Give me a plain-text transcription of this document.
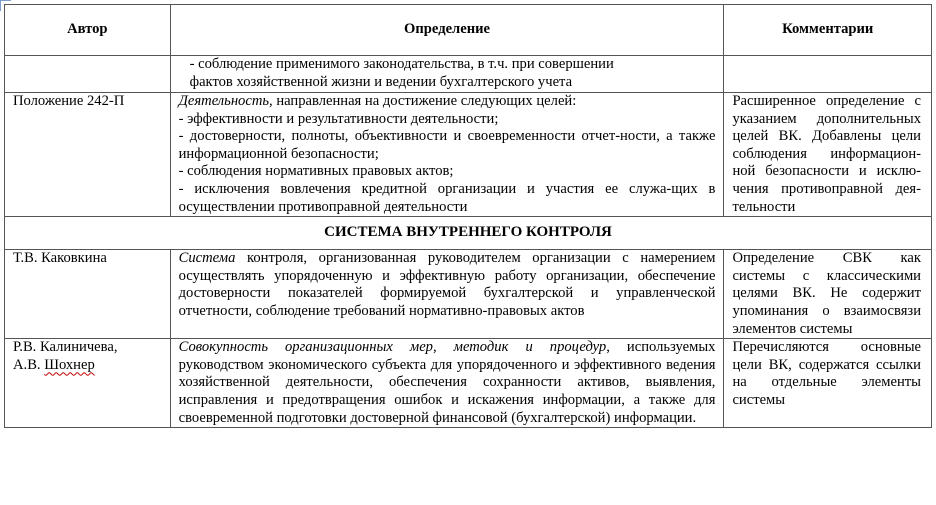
Автор	Определение	Комментарии

	- соблюдение применимого законодательства, в т.ч. при совершении
фактов хозяйственной жизни и ведении бухгалтерского учета	

Положение 242-П	Деятельность, направленная на достижение следующих целей:
- эффективности и результативности деятельности;
- достоверности, полноты, объективности и своевременности отчет-ности, а также информационной безопасности;
- соблюдения нормативных правовых актов;
- исключения вовлечения кредитной организации и участия ее служа-щих в осуществлении противоправной деятельности	Расширенное определение с указанием дополнительных целей ВК. Добавлены цели соблюдения информацион-ной безопасности и исклю-чения противоправной дея-тельности
СИСТЕМА ВНУТРЕННЕГО КОНТРОЛЯ		
Т.В. Каковкина	Система контроля, организованная руководителем организации с намерением осуществлять упорядоченную и эффективную работу организации, обеспечение достоверности показателей формируемой бухгалтерской и управленческой отчетности, соблюдение требований нормативно-правовых актов	Определение СВК как системы с классическими целями ВК. Не содержит упоминания о взаимосвязи элементов системы

Р.В. Калиничева,
А.В. Шохнер	Совокупность организационных мер, методик и процедур, используемых руководством экономического субъекта для упорядоченного и эффективного ведения хозяйственной деятельности, обеспечения сохранности активов, выявления, исправления и предотвращения ошибок и искажения информации, а также для своевременной подготовки достоверной финансовой (бухгалтерской) информации.	Перечисляются основные цели ВК, содержатся ссылки на отдельные элементы системы
